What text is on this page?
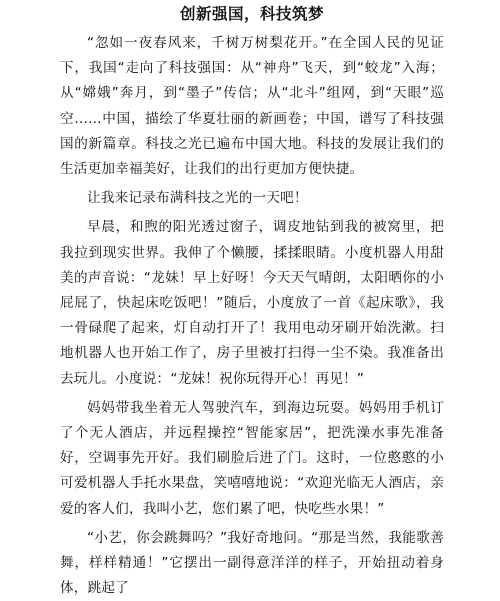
创新强国，科技筑梦

“忽如一夜春风来，千树万树梨花开。”在全国人民的见证下，我国“走向了科技强国：从“神舟”飞天，到“蛟龙”入海；从“嫦娥”奔月，到“墨子”传信；从“北斗”组网，到“天眼”巡空……中国，描绘了华夏壮丽的新画卷；中国，谱写了科技强国的新篇章。科技之光已遍布中国大地。科技的发展让我们的生活更加幸福美好，让我们的出行更加方便快捷。

让我来记录布满科技之光的一天吧！

早晨，和煦的阳光透过窗子，调皮地钻到我的被窝里，把我拉到现实世界。我伸了个懒腰，揉揉眼睛。小度机器人用甜美的声音说：“龙妹！早上好呀！今天天气晴朗，太阳晒你的小屁屁了，快起床吃饭吧！”随后，小度放了一首《起床歌》，我一骨碌爬了起来，灯自动打开了！我用电动牙刷开始洗漱。扫地机器人也开始工作了，房子里被打扫得一尘不染。我准备出去玩儿。小度说：“龙妹！祝你玩得开心！再见！”

妈妈带我坐着无人驾驶汽车，到海边玩耍。妈妈用手机订了个无人酒店，并远程操控“智能家居”，把洗澡水事先准备好，空调事先开好。我们刷脸后进了门。这时，一位憨憨的小可爱机器人手托水果盘，笑嘻嘻地说：“欢迎光临无人酒店，亲爱的客人们，我叫小艺，您们累了吧，快吃些水果！”

“小艺，你会跳舞吗？”我好奇地问。“那是当然，我能歌善舞，样样精通！”它摆出一副得意洋洋的样子，开始扭动着身体，跳起了
